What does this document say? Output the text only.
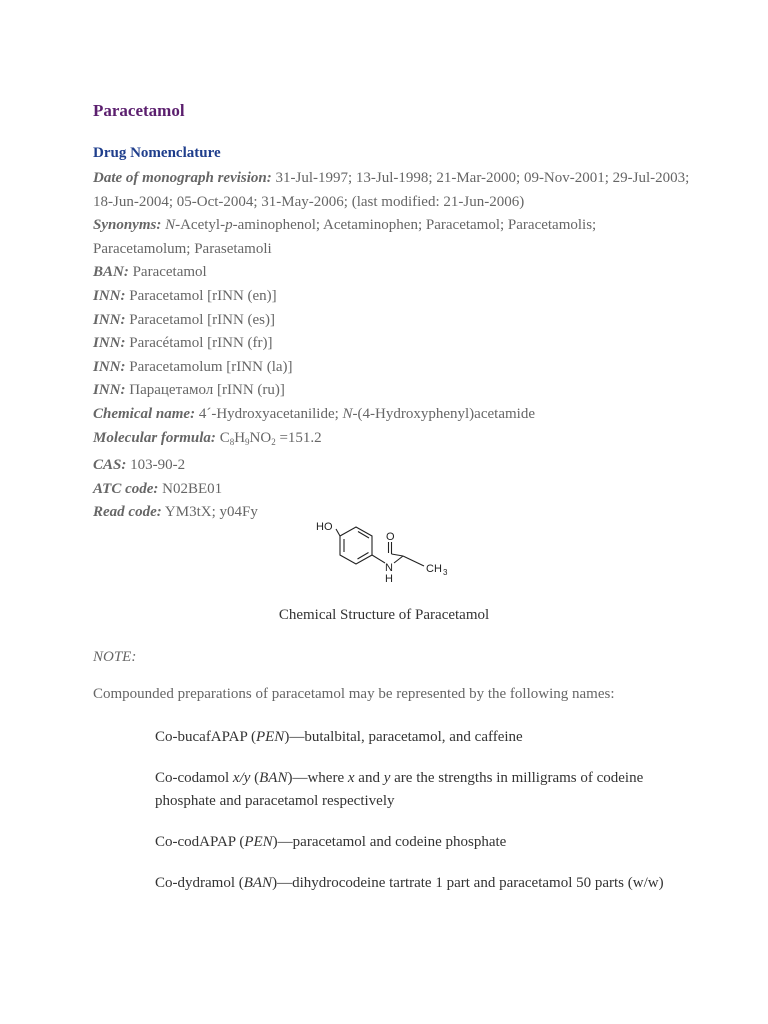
Paracetamol
Drug Nomenclature

Date of monograph revision: 31-Jul-1997; 13-Jul-1998; 21-Mar-2000; 09-Nov-2001; 29-Jul-2003; 18-Jun-2004; 05-Oct-2004; 31-May-2006; (last modified: 21-Jun-2006)

Synonyms: N-Acetyl-p-aminophenol; Acetaminophen; Paracetamol; Paracetamolis; Paracetamolum; Parasetamoli

BAN: Paracetamol

INN: Paracetamol [rINN (en)]

INN: Paracetamol [rINN (es)]

INN: Paracétamol [rINN (fr)]

INN: Paracetamolum [rINN (la)]

INN: Парацетамол [rINN (ru)]

Chemical name: 4´-Hydroxyacetanilide; N-(4-Hydroxyphenyl)acetamide

Molecular formula: $C_8H_9NO_2 =151.2$

CAS: 103-90-2

ATC code: N02BE01

Read code: YM3tX; y04Fy

HO
O
N
H
CH 3
Chemical Structure of Paracetamol
NOTE:
Compounded preparations of paracetamol may be represented by the following names:

Co-bucafAPAP (PEN)—butalbital, paracetamol, and caffeine

Co-codamol x/y (BAN)—where x and y are the strengths in milligrams of codeine phosphate and paracetamol respectively

Co-codAPAP (PEN)—paracetamol and codeine phosphate

Co-dydramol (BAN)—dihydrocodeine tartrate 1 part and paracetamol 50 parts (w/w)
